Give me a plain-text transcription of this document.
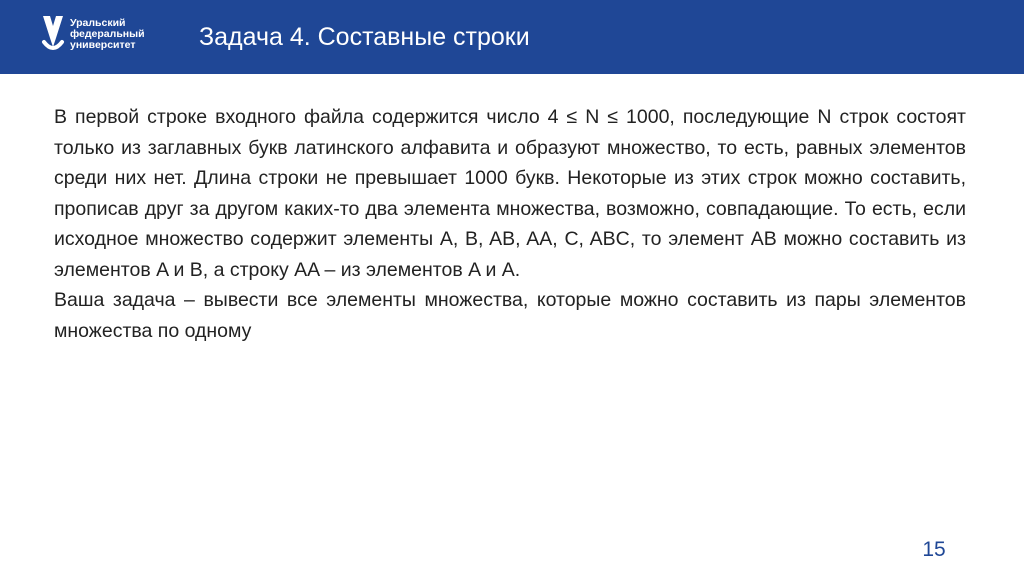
Уральский
федеральный
университет	Задача 4. Составные строки

В первой строке входного файла содержится число 4 ≤ N ≤ 1000, последующие N строк состоят только из заглавных букв латинского алфавита и образуют множество, то есть, равных элементов среди них нет. Длина строки не превышает 1000 букв. Некоторые из этих строк можно составить, прописав друг за другом каких-то два элемента множества, возможно, совпадающие. То есть, если исходное множество содержит элементы A, B, AB, AA, C, ABC, то элемент AB можно составить из элементов A и B, а строку AA – из элементов A и A.

Ваша задача – вывести все элементы множества, которые можно составить из пары элементов множества по одному

15
